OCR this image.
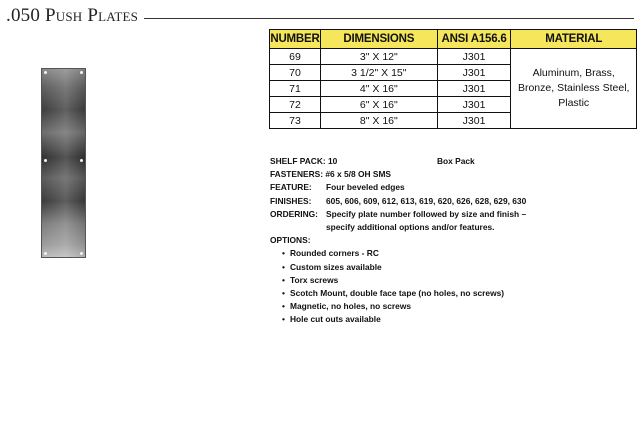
.050 Push Plates
NUMBER	DIMENSIONS	ANSI A156.6	MATERIAL
69	3" X 12"	J301	Aluminum, Brass,
Bronze, Stainless Steel,
Plastic

70	3 1/2" X 15"	J301	
71	4" X 16"	J301	
72	6" X 16"	J301	
73	8" X 16"	J301	
SHELF PACK: 10	Box Pack
FASTENERS: #6 x 5/8 OH SMS
FEATURE: Four beveled edges
FINISHES: 605, 606, 609, 612, 613, 619, 620, 626, 628, 629, 630
ORDERING: Specify plate number followed by size and finish –
specify additional options and/or features.
OPTIONS:
• Rounded corners - RC
• Custom sizes available
• Torx screws
• Scotch Mount, double face tape (no holes, no screws)
• Magnetic, no holes, no screws
• Hole cut outs available
